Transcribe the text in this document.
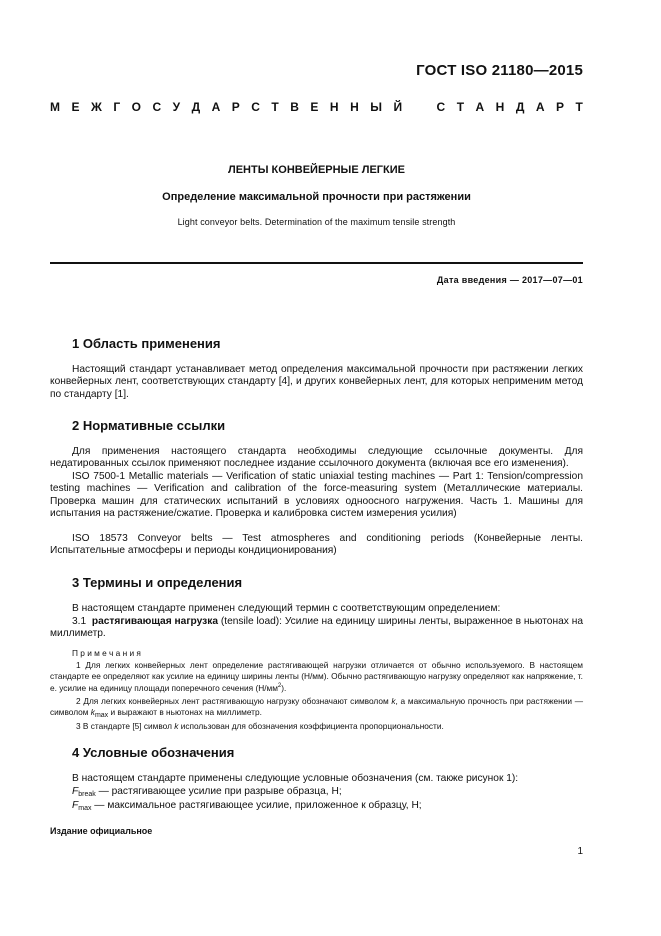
ГОСТ ISO 21180—2015
М Е Ж Г О С У Д А Р С Т В Е Н Н Ы Й	С Т А Н Д А Р Т
ЛЕНТЫ КОНВЕЙЕРНЫЕ ЛЕГКИЕ
Определение максимальной прочности при растяжении
Light conveyor belts. Determination of the maximum tensile strength
Дата введения — 2017—07—01
1 Область применения
Настоящий стандарт устанавливает метод определения максимальной прочности при растяжении легких конвейерных лент, соответствующих стандарту [4], и других конвейерных лент, для которых неприменим метод по стандарту [1].
2 Нормативные ссылки
Для применения настоящего стандарта необходимы следующие ссылочные документы. Для недатированных ссылок применяют последнее издание ссылочного документа (включая все его изменения).
ISO 7500-1 Metallic materials — Verification of static uniaxial testing machines — Part 1: Tension/compression testing machines — Verification and calibration of the force-measuring system (Металлические материалы. Проверка машин для статических испытаний в условиях одноосного нагружения. Часть 1. Машины для испытания на растяжение/сжатие. Проверка и калибровка систем измерения усилия)
ISO 18573 Conveyor belts — Test atmospheres and conditioning periods (Конвейерные ленты. Испытательные атмосферы и периоды кондиционирования)
3 Термины и определения
В настоящем стандарте применен следующий термин с соответствующим определением:
3.1 растягивающая нагрузка (tensile load): Усилие на единицу ширины ленты, выраженное в ньютонах на миллиметр.
П р и м е ч а н и я
1 Для легких конвейерных лент определение растягивающей нагрузки отличается от обычно используемого. В настоящем стандарте ее определяют как усилие на единицу ширины ленты (Н/мм). Обычно растягивающую нагрузку определяют как напряжение, т. е. усилие на единицу площади поперечного сечения $(Н/мм^2)$.
2 Для легких конвейерных лент растягивающую нагрузку обозначают символом k, а максимальную прочность при растяжении — символом $k_{max}$ и выражают в ньютонах на миллиметр.
3 В стандарте [5] символ k использован для обозначения коэффициента пропорциональности.
4 Условные обозначения
В настоящем стандарте применены следующие условные обозначения (см. также рисунок 1):
$F_{break}$ — растягивающее усилие при разрыве образца, Н;
$F_{max}$ — максимальное растягивающее усилие, приложенное к образцу, Н;
Издание официальное
1
